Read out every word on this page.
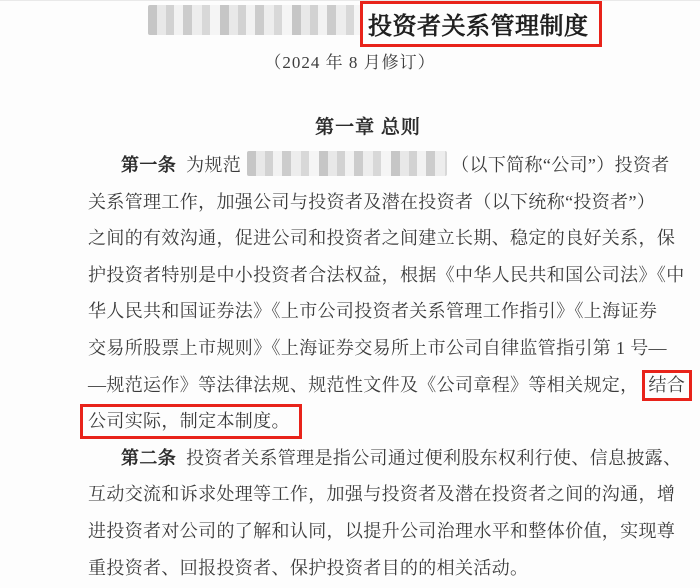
投资者关系管理制度
（2024 年 8 月修订）
第一章 总则
第一条 为规范	（以下简称“公司”）投资者
关系管理工作，加强公司与投资者及潜在投资者（以下统称“投资者”）
之间的有效沟通，促进公司和投资者之间建立长期、稳定的良好关系，保
护投资者特别是中小投资者合法权益，根据《中华人民共和国公司法》《中
华人民共和国证券法》《上市公司投资者关系管理工作指引》《上海证券
交易所股票上市规则》《上海证券交易所上市公司自律监管指引第 1 号—
—规范运作》等法律法规、规范性文件及《公司章程》等相关规定， 结合
公司实际，制定本制度。
第二条 投资者关系管理是指公司通过便利股东权利行使、信息披露、
互动交流和诉求处理等工作，加强与投资者及潜在投资者之间的沟通，增
进投资者对公司的了解和认同，以提升公司治理水平和整体价值，实现尊
重投资者、回报投资者、保护投资者目的的相关活动。
